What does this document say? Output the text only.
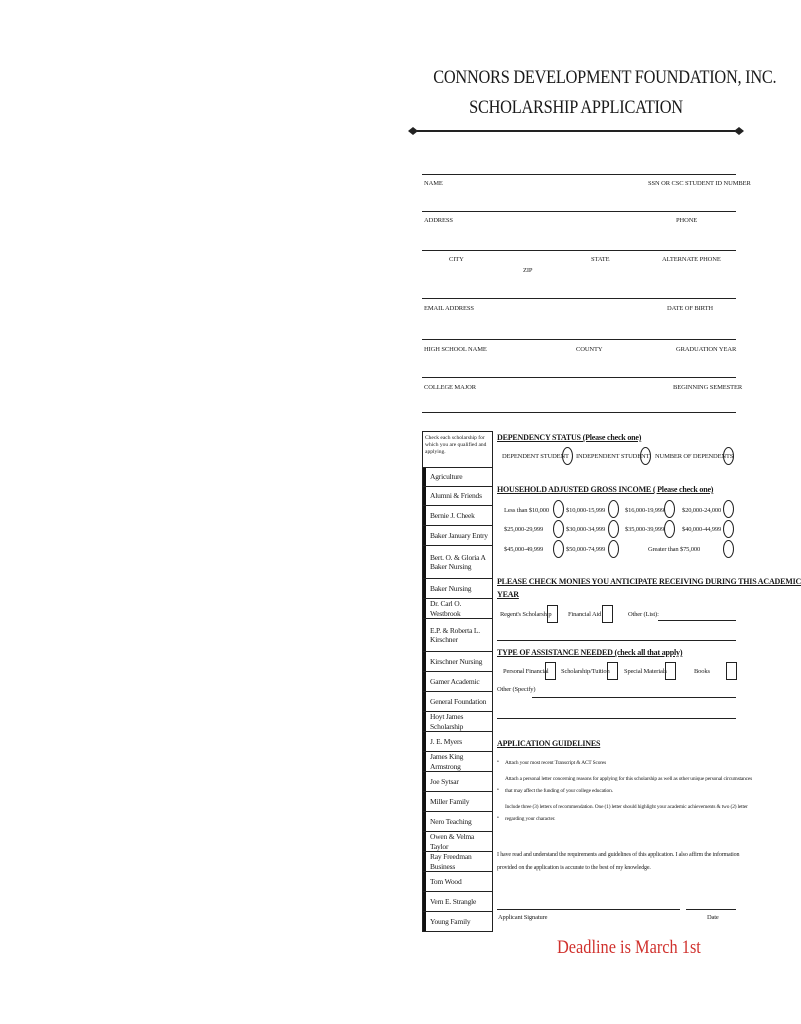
CONNORS DEVELOPMENT FOUNDATION, INC.
SCHOLARSHIP APPLICATION
NAME	SSN OR CSC STUDENT ID NUMBER
ADDRESS	PHONE
CITY	STATE	ALTERNATE PHONE
ZIP
EMAIL ADDRESS	DATE OF BIRTH
HIGH SCHOOL NAME	COUNTY	GRADUATION YEAR
COLLEGE MAJOR	BEGINNING SEMESTER
Check each scholarship for which you are qualified and applying.
Agriculture
Alumni & Friends
Bernie J. Cheek
Baker January Entry
Bert. O. & Gloria A Baker Nursing
Baker Nursing
Dr. Carl O. Westbrook
E.P. & Roberta L. Kirschner
Kirschner Nursing
Gamer Academic
General Foundation
Hoyt James Scholarship
J. E. Myers
James King Armstrong
Joe Sytsar
Miller Family
Nero Teaching
Owen & Velma Taylor
Ray Freedman Business
Tom Wood
Vern E. Strangle
Young Family
DEPENDENCY STATUS (Please check one)
DEPENDENT STUDENT INDEPENDENT STUDENT NUMBER OF DEPENDENTS
HOUSEHOLD ADJUSTED GROSS INCOME ( Please check one)
Less than $10,000	$10,000-15,999	$16,000-19,999	$20,000-24,000
$25,000-29,999	$30,000-34,999	$35,000-39,999	$40,000-44,999
$45,000-49,999	$50,000-74,999	Greater than $75,000
PLEASE CHECK MONIES YOU ANTICIPATE RECEIVING DURING THIS ACADEMIC
YEAR
Regent's Scholarship	Financial Aid	Other (List):
TYPE OF ASSISTANCE NEEDED (check all that apply)
Personal Financial Scholarship/Tuition Special Materials	Books
Other (Specify)
APPLICATION GUIDELINES
• Attach your most recent Transcript & ACT Scores
Attach a personal letter concerning reasons for applying for this scholarship as well as other unique personal circumstances
• that may affect the funding of your college education.
Include three (3) letters of recommendation. One (1) letter should highlight your academic achievements & two (2) letter
• regarding your character.
I have read and understand the requirements and guidelines of this application. I also affirm the information
provided on the application is accurate to the best of my knowledge.
Applicant Signature	Date
Deadline is March 1st
